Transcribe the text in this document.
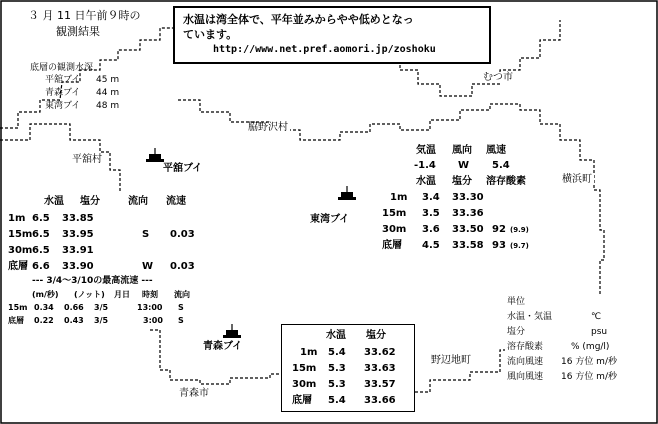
３ 月 11 日午前９時の
観測結果
水温は湾全体で、平年並みからやや低めとなっ
ています。
http://www.net.pref.aomori.jp/zoshoku
底層の観測水深
平舘ブイ 45 m
青森ブイ 44 m
東湾ブイ 48 m
むつ市
脇野沢村
平舘村
横浜町
野辺地町
青森市
平舘ブイ
東湾ブイ
青森ブイ
水温 塩分	流向 流速
1m 6.5 33.85
15m 6.5 33.95	S 0.03
30m 6.5 33.91
底層 6.6 33.90	W 0.03
--- 3/4～3/10の最高流速 ---
(m/秒) (ノット) 月日 時刻 流向
15m 0.34 0.66 3/5	13:00 S
底層 0.22 0.43 3/5	3:00 S
気温 風向 風速
-1.4 W 5.4
水温 塩分 溶存酸素
1m 3.4 33.30
15m 3.5 33.36
30m 3.6 33.50 92 (9.9)
底層 4.5 33.58 93 (9.7)
水温 塩分
1m 5.4 33.62
15m 5.3 33.63
30m 5.3 33.57
底層 5.4 33.66
単位
水温・気温	℃
塩分	psu
溶存酸素	% (mg/l)
流向風速 16 方位 m/秒
風向風速 16 方位 m/秒
